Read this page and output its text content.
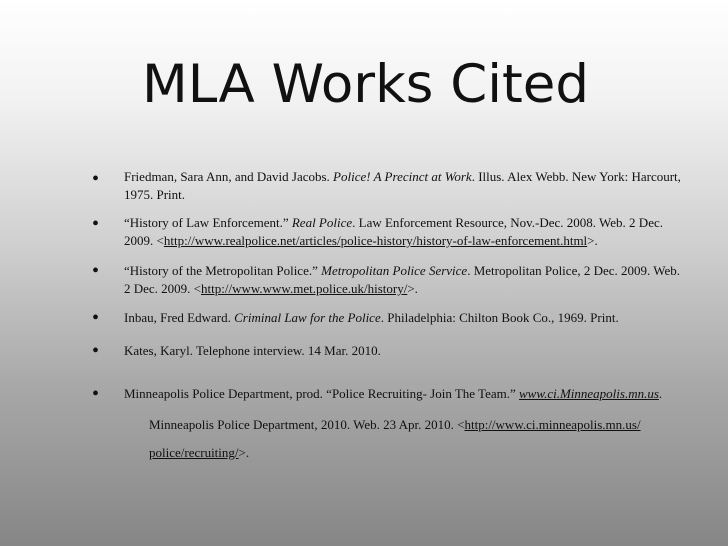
MLA Works Cited
•	Friedman, Sara Ann, and David Jacobs. Police! A Precinct at Work. Illus. Alex Webb. New York: Harcourt, 1975. Print.
•	“History of Law Enforcement.” Real Police. Law Enforcement Resource, Nov.-Dec. 2008. Web. 2 Dec. 2009. <http://www.realpolice.net/articles/police-history/history-of-law-enforcement.html>.
•	“History of the Metropolitan Police.” Metropolitan Police Service. Metropolitan Police, 2 Dec. 2009. Web. 2 Dec. 2009. <http://www.www.met.police.uk/history/>.
•	Inbau, Fred Edward. Criminal Law for the Police. Philadelphia: Chilton Book Co., 1969. Print.
•	Kates, Karyl. Telephone interview. 14 Mar. 2010.
•	Minneapolis Police Department, prod. “Police Recruiting- Join The Team.” www.ci.Minneapolis.mn.us.
Minneapolis Police Department, 2010. Web. 23 Apr. 2010. <http://www.ci.minneapolis.mn.us/
police/recruiting/>.
